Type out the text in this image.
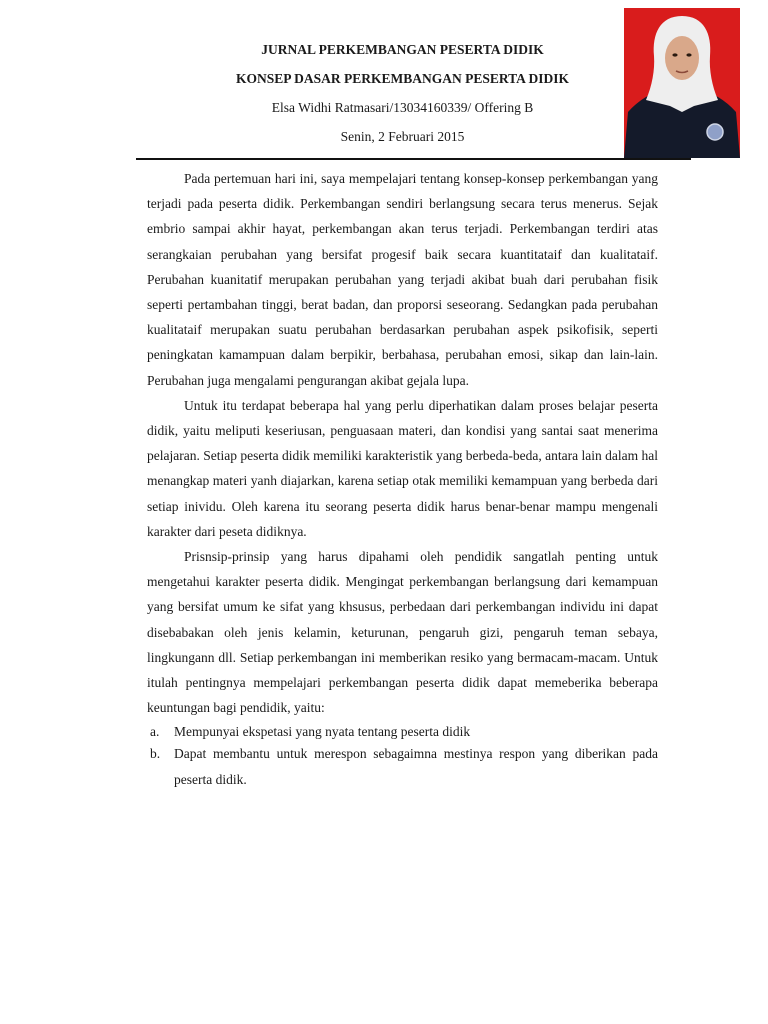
JURNAL PERKEMBANGAN PESERTA DIDIK
KONSEP DASAR PERKEMBANGAN PESERTA DIDIK
Elsa Widhi Ratmasari/13034160339/ Offering B
Senin, 2 Februari 2015

Pada pertemuan hari ini, saya mempelajari tentang konsep-konsep perkembangan yang terjadi pada peserta didik. Perkembangan sendiri berlangsung secara terus menerus. Sejak embrio sampai akhir hayat, perkembangan akan terus terjadi. Perkembangan terdiri atas serangkaian perubahan yang bersifat progesif baik secara kuantitataif dan kualitataif. Perubahan kuanitatif merupakan perubahan yang terjadi akibat buah dari perubahan fisik seperti pertambahan tinggi, berat badan, dan proporsi seseorang. Sedangkan pada perubahan kualitataif merupakan suatu perubahan berdasarkan perubahan aspek psikofisik, seperti peningkatan kamampuan dalam berpikir, berbahasa, perubahan emosi, sikap dan lain-lain. Perubahan juga mengalami pengurangan akibat gejala lupa.

Untuk itu terdapat beberapa hal yang perlu diperhatikan dalam proses belajar peserta didik, yaitu meliputi keseriusan, penguasaan materi, dan kondisi yang santai saat menerima pelajaran. Setiap peserta didik memiliki karakteristik yang berbeda-beda, antara lain dalam hal menangkap materi yanh diajarkan, karena setiap otak memiliki kemampuan yang berbeda dari setiap inividu. Oleh karena itu seorang peserta didik harus benar-benar mampu mengenali karakter dari peseta didiknya.

Prisnsip-prinsip yang harus dipahami oleh pendidik sangatlah penting untuk mengetahui karakter peserta didik. Mengingat perkembangan berlangsung dari kemampuan yang bersifat umum ke sifat yang khsusus, perbedaan dari perkembangan individu ini dapat disebabakan oleh jenis kelamin, keturunan, pengaruh gizi, pengaruh teman sebaya, lingkungann dll. Setiap perkembangan ini memberikan resiko yang bermacam-macam. Untuk itulah pentingnya mempelajari perkembangan peserta didik dapat memeberika beberapa keuntungan bagi pendidik, yaitu:

a. Mempunyai ekspetasi yang nyata tentang peserta didik
b. Dapat membantu untuk merespon sebagaimna mestinya respon yang diberikan pada peserta didik.
